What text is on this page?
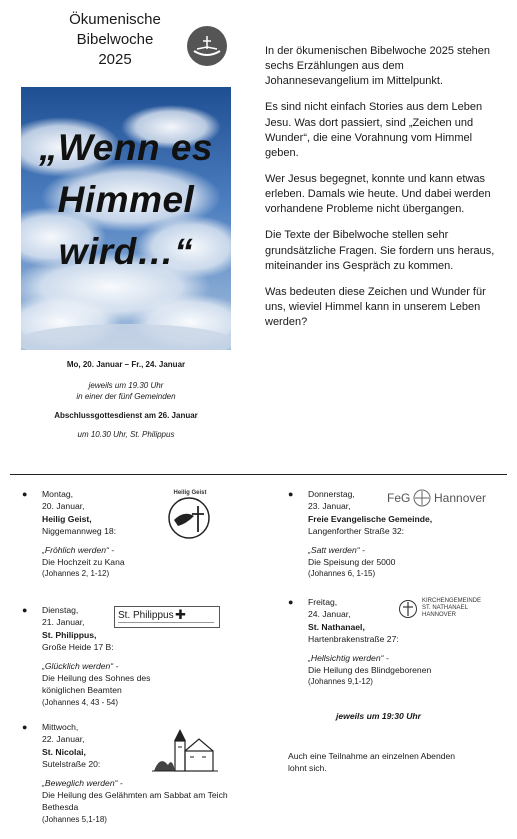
Ökumenische
Bibelwoche
2025
„Wenn es
Himmel
wird…“
Mo, 20. Januar – Fr., 24. Januar
jeweils um 19.30 Uhr
in einer der fünf Gemeinden
Abschlussgottesdienst am 26. Januar
um 10.30 Uhr, St. Philippus

In der ökumenischen Bibelwoche 2025 stehen sechs Erzählungen aus dem Johannesevangelium im Mittelpunkt.

Es sind nicht einfach Stories aus dem Leben Jesu. Was dort passiert, sind „Zeichen und Wunder“, die eine Vorahnung vom Himmel geben.

Wer Jesus begegnet, konnte und kann etwas erleben. Damals wie heute. Und dabei werden vorhandene Probleme nicht übergangen.

Die Texte der Bibelwoche stellen sehr grundsätzliche Fragen. Sie fordern uns heraus, miteinander ins Gespräch zu kommen.

Was bedeuten diese Zeichen und Wunder für uns, wieviel Himmel kann in unserem Leben werden?

● Montag,
20. Januar,
Heilig Geist,
Niggemannweg 18:
„Fröhlich werden“ -
Die Hochzeit zu Kana
(Johannes 2, 1-12)
Heilig Geist
● Dienstag,
21. Januar,
St. Philippus,
Große Heide 17 B:
„Glücklich werden“ -
Die Heilung des Sohnes des königlichen Beamten
(Johannes 4, 43 - 54)
St. Philippus ✚
● Mittwoch,
22. Januar,
St. Nicolai,
Sutelstraße 20:
„Beweglich werden“ -
Die Heilung des Gelähmten am Sabbat am Teich Bethesda
(Johannes 5,1-18)
● Donnerstag,
23. Januar,
Freie Evangelische Gemeinde,
Langenforther Straße 32:
„Satt werden“ -
Die Speisung der 5000
(Johannes 6, 1-15)
FeG Hannover
● Freitag,
24. Januar,
St. Nathanael,
Hartenbrakenstraße 27:
„Hellsichtig werden“ -
Die Heilung des Blindgeborenen
(Johannes 9,1-12)
KIRCHENGEMEINDE
ST. NATHANAEL
HANNOVER
jeweils um 19:30 Uhr
Auch eine Teilnahme an einzelnen Abenden lohnt sich.
